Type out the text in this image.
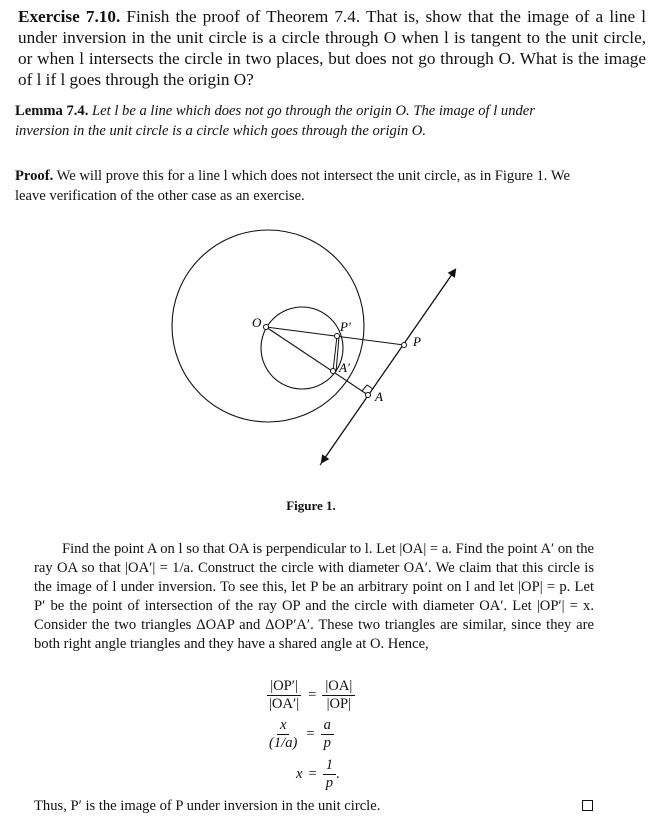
Exercise 7.10. Finish the proof of Theorem 7.4. That is, show that the image of a line l under inversion in the unit circle is a circle through O when l is tangent to the unit circle, or when l intersects the circle in two places, but does not go through O. What is the image of l if l goes through the origin O?
Lemma 7.4. Let l be a line which does not go through the origin O. The image of l under inversion in the unit circle is a circle which goes through the origin O.
Proof. We will prove this for a line l which does not intersect the unit circle, as in Figure 1. We leave verification of the other case as an exercise.
O	P′
P
A′
A
Figure 1.
Find the point A on l so that OA is perpendicular to l. Let |OA| = a. Find the point A′ on the ray OA so that |OA′| = 1/a. Construct the circle with diameter OA′. We claim that this circle is the image of l under inversion. To see this, let P be an arbitrary point on l and let |OP| = p. Let P′ be the point of intersection of the ray OP and the circle with diameter OA′. Let |OP′| = x. Consider the two triangles ΔOAP and ΔOP′A′. These two triangles are similar, since they are both right angle triangles and they have a shared angle at O. Hence,
$\frac{|OP'|}{|OA'|} = \frac{|OA|}{|OP|}$
$\frac{x}{(1/a)} = \frac{a}{p}$
$x = \frac{1}{p}$ .
Thus, P′ is the image of P under inversion in the unit circle.
